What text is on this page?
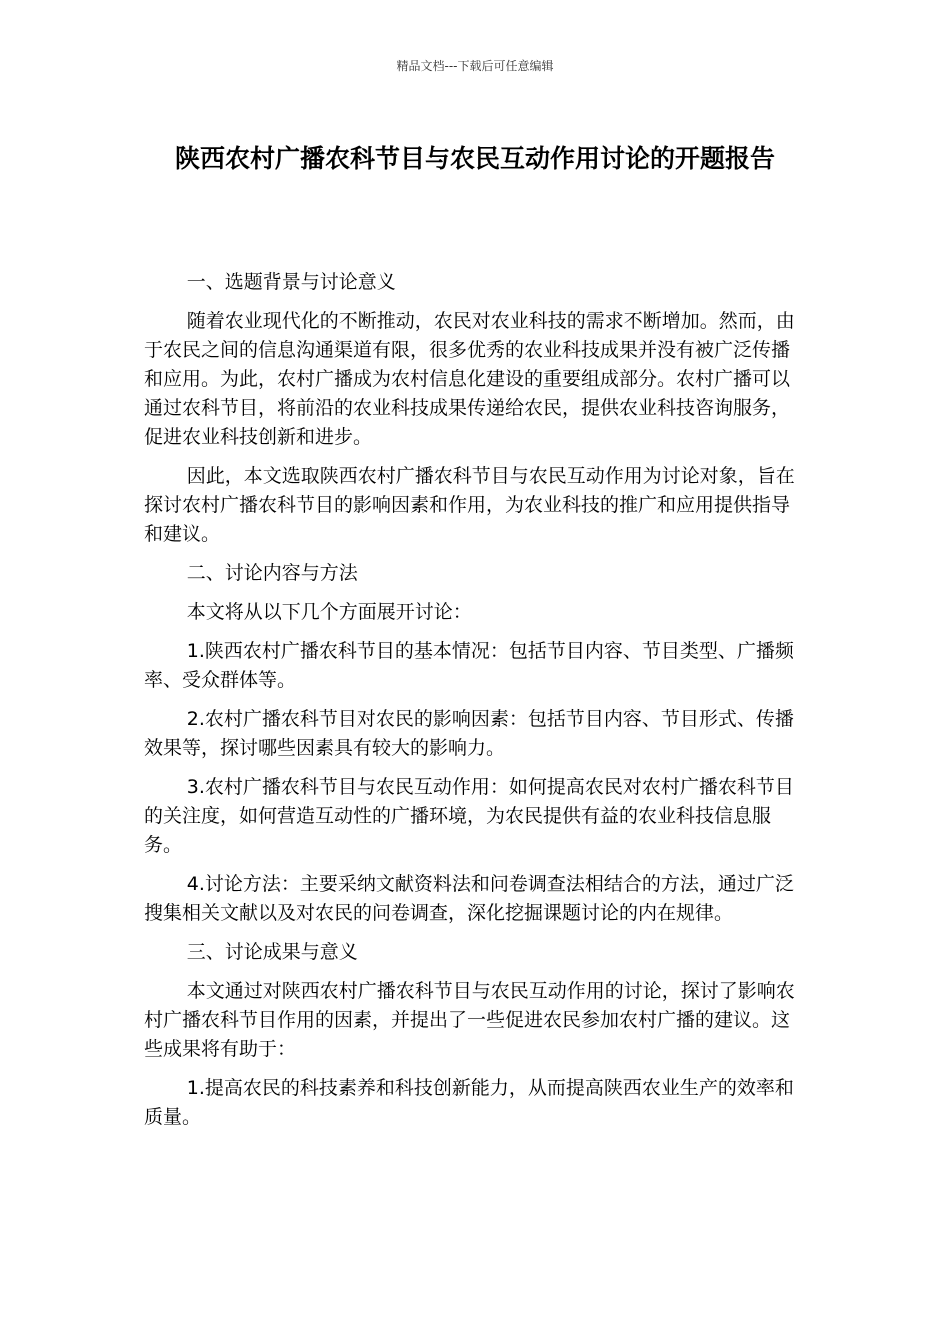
精品文档---下载后可任意编辑
陕西农村广播农科节目与农民互动作用讨论的开题报告

一、选题背景与讨论意义

随着农业现代化的不断推动，农民对农业科技的需求不断增加。然而，由于农民之间的信息沟通渠道有限，很多优秀的农业科技成果并没有被广泛传播和应用。为此，农村广播成为农村信息化建设的重要组成部分。农村广播可以通过农科节目，将前沿的农业科技成果传递给农民，提供农业科技咨询服务，促进农业科技创新和进步。

因此，本文选取陕西农村广播农科节目与农民互动作用为讨论对象，旨在探讨农村广播农科节目的影响因素和作用，为农业科技的推广和应用提供指导和建议。

二、讨论内容与方法

本文将从以下几个方面展开讨论：

1.陕西农村广播农科节目的基本情况：包括节目内容、节目类型、广播频率、受众群体等。

2.农村广播农科节目对农民的影响因素：包括节目内容、节目形式、传播效果等，探讨哪些因素具有较大的影响力。

3.农村广播农科节目与农民互动作用：如何提高农民对农村广播农科节目的关注度，如何营造互动性的广播环境，为农民提供有益的农业科技信息服务。

4.讨论方法：主要采纳文献资料法和问卷调查法相结合的方法，通过广泛搜集相关文献以及对农民的问卷调查，深化挖掘课题讨论的内在规律。

三、讨论成果与意义

本文通过对陕西农村广播农科节目与农民互动作用的讨论，探讨了影响农村广播农科节目作用的因素，并提出了一些促进农民参加农村广播的建议。这些成果将有助于：

1.提高农民的科技素养和科技创新能力，从而提高陕西农业生产的效率和质量。
